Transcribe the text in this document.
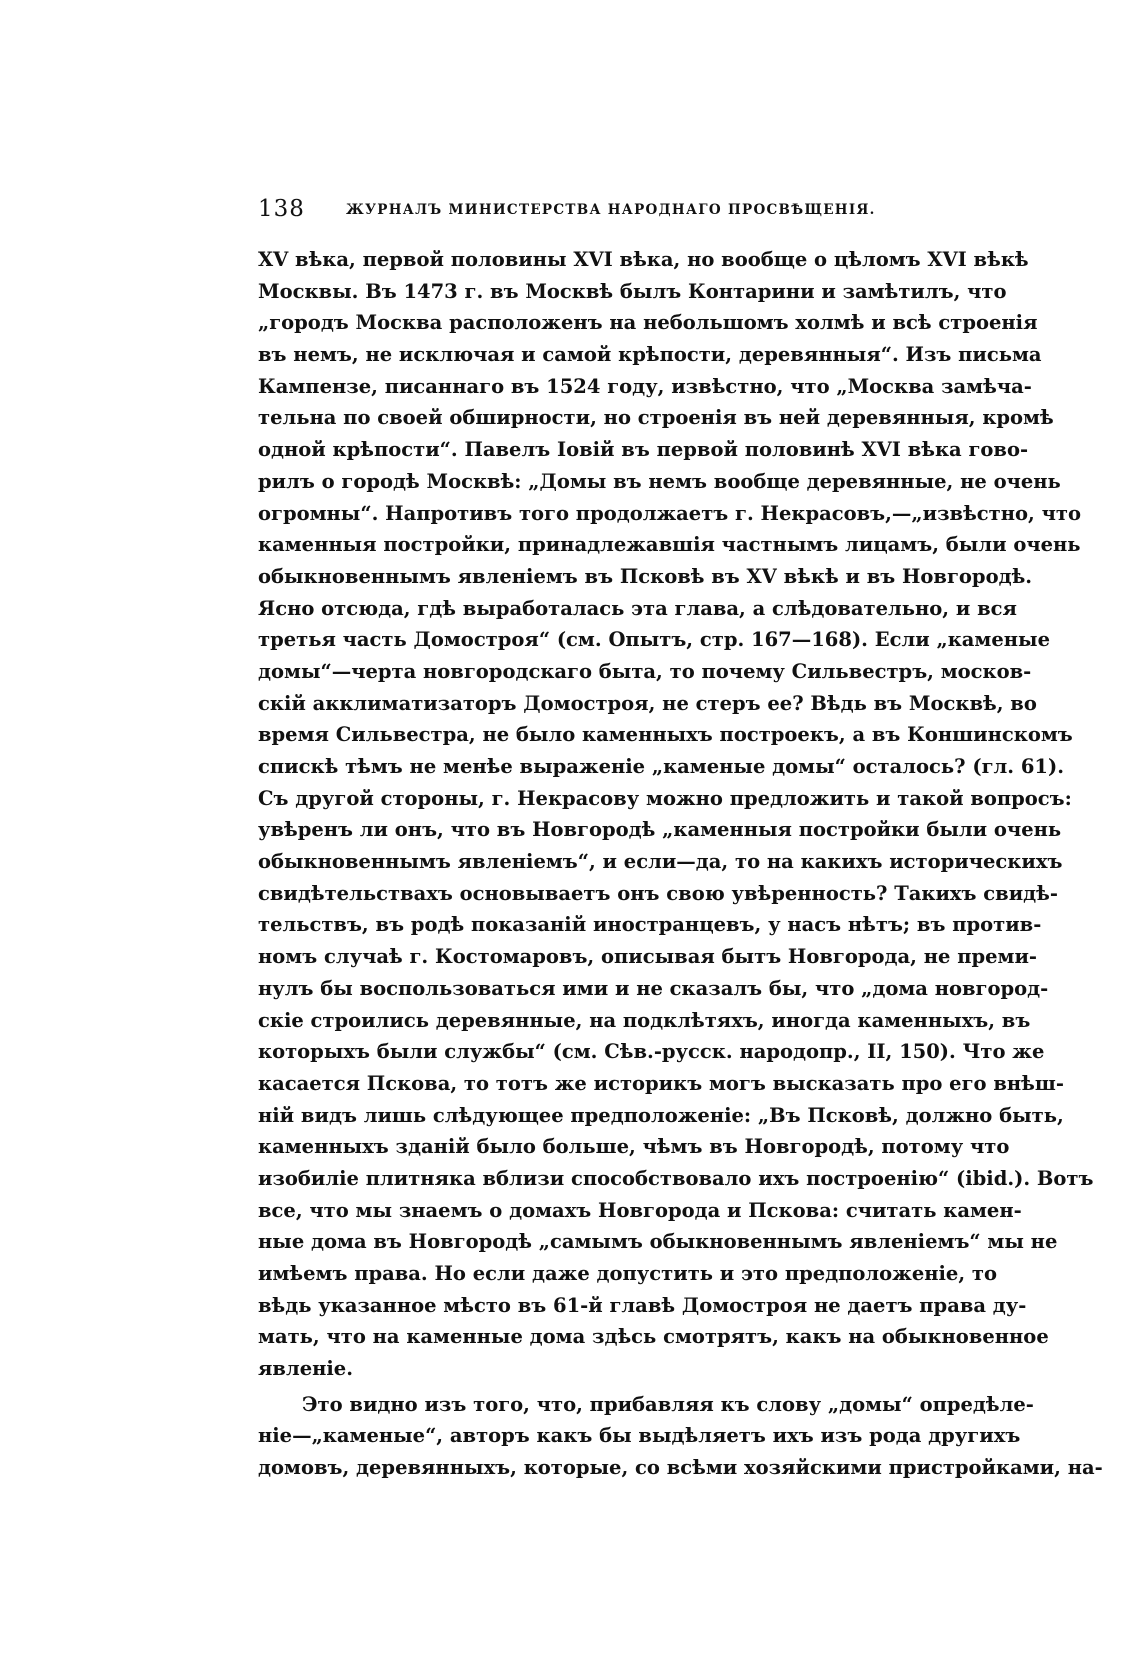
138	ЖУРНАЛЪ МИНИСТЕРСТВА НАРОДНАГО ПРОСВѢЩЕНІЯ.
XV вѣка, первой половины XVI вѣка, но вообще о цѣломъ XVI вѣкѣ
Москвы. Въ 1473 г. въ Москвѣ былъ Контарини и замѣтилъ, что
„городъ Москва расположенъ на небольшомъ холмѣ и всѣ строенія
въ немъ, не исключая и самой крѣпости, деревянныя“. Изъ письма
Кампензе, писаннаго въ 1524 году, извѣстно, что „Москва замѣча-
тельна по своей обширности, но строенія въ ней деревянныя, кромѣ
одной крѣпости“. Павелъ Іовій въ первой половинѣ XVI вѣка гово-
рилъ о городѣ Москвѣ: „Домы въ немъ вообще деревянные, не очень
огромны“. Напротивъ того продолжаетъ г. Некрасовъ,—„извѣстно, что
каменныя постройки, принадлежавшія частнымъ лицамъ, были очень
обыкновеннымъ явленіемъ въ Псковѣ въ XV вѣкѣ и въ Новгородѣ.
Ясно отсюда, гдѣ выработалась эта глава, а слѣдовательно, и вся
третья часть Домостроя“ (см. Опытъ, стр. 167—168). Если „каменые
домы“—черта новгородскаго быта, то почему Сильвестръ, москов-
скій акклиматизаторъ Домостроя, не стеръ ее? Вѣдь въ Москвѣ, во
время Сильвестра, не было каменныхъ построекъ, а въ Коншинскомъ
спискѣ тѣмъ не менѣе выраженіе „каменые домы“ осталось? (гл. 61).
Съ другой стороны, г. Некрасову можно предложить и такой вопросъ:
увѣренъ ли онъ, что въ Новгородѣ „каменныя постройки были очень
обыкновеннымъ явленіемъ“, и если—да, то на какихъ историческихъ
свидѣтельствахъ основываетъ онъ свою увѣренность? Такихъ свидѣ-
тельствъ, въ родѣ показаній иностранцевъ, у насъ нѣтъ; въ против-
номъ случаѣ г. Костомаровъ, описывая бытъ Новгорода, не преми-
нулъ бы воспользоваться ими и не сказалъ бы, что „дома новгород-
скіе строились деревянные, на подклѣтяхъ, иногда каменныхъ, въ
которыхъ были службы“ (см. Сѣв.-русск. народопр., II, 150). Что же
касается Пскова, то тотъ же историкъ могъ высказать про его внѣш-
ній видъ лишь слѣдующее предположеніе: „Въ Псковѣ, должно быть,
каменныхъ зданій было больше, чѣмъ въ Новгородѣ, потому что
изобиліе плитняка вблизи способствовало ихъ построенію“ (ibid.). Вотъ
все, что мы знаемъ о домахъ Новгорода и Пскова: считать камен-
ные дома въ Новгородѣ „самымъ обыкновеннымъ явленіемъ“ мы не
имѣемъ права. Но если даже допустить и это предположеніе, то
вѣдь указанное мѣсто въ 61-й главѣ Домостроя не даетъ права ду-
мать, что на каменные дома здѣсь смотрятъ, какъ на обыкновенное
явленіе.
Это видно изъ того, что, прибавляя къ слову „домы“ опредѣле-
ніе—„каменые“, авторъ какъ бы выдѣляетъ ихъ изъ рода другихъ
домовъ, деревянныхъ, которые, со всѣми хозяйскими пристройками, на-
